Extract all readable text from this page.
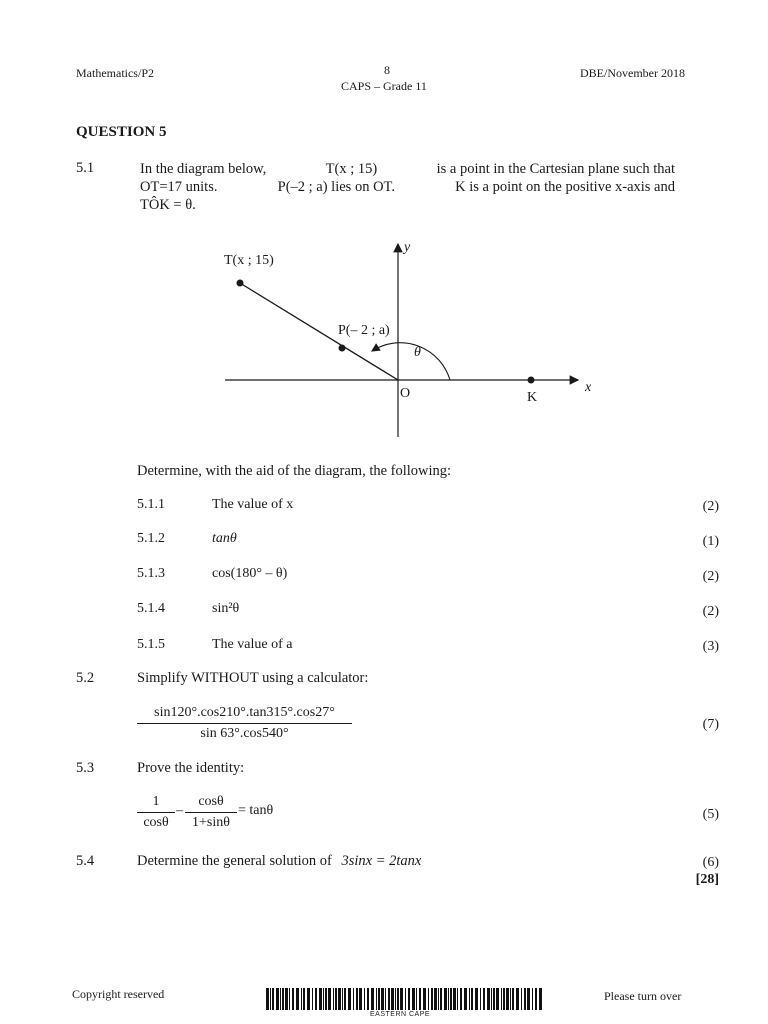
Mathematics/P2	8
CAPS – Grade 11
DBE/November 2018
QUESTION 5
5.1	In the diagram below,	T(x ; 15)	is a point in the Cartesian plane such that
OT=17 units.	P(–2 ; a) lies on OT.	K is a point on the positive x-axis and
TÔK = θ.
T(x ; 15)
P(– 2 ; a)
θ
O	K
x
y
Determine, with the aid of the diagram, the following:
5.1.1	The value of x	(2)
5.1.2	tanθ	(1)
5.1.3	cos(180° – θ)	(2)
5.1.4	sin²θ	(2)
5.1.5	The value of a	(3)
5.2	Simplify WITHOUT using a calculator:
$\frac{\sin 120^\circ.\cos 210^\circ.\tan 315^\circ.\cos 27^\circ}{\sin 63^\circ.\cos 540^\circ}$	(7)
5.3	Prove the identity:
$\frac{1}{\cos\theta} - \frac{\cos\theta}{1+\sin\theta} = \tan\theta$	(5)
5.4	Determine the general solution of 3sinx = 2tanx	(6)
[28]
Copyright reserved
EASTERN CAPE
Please turn over
